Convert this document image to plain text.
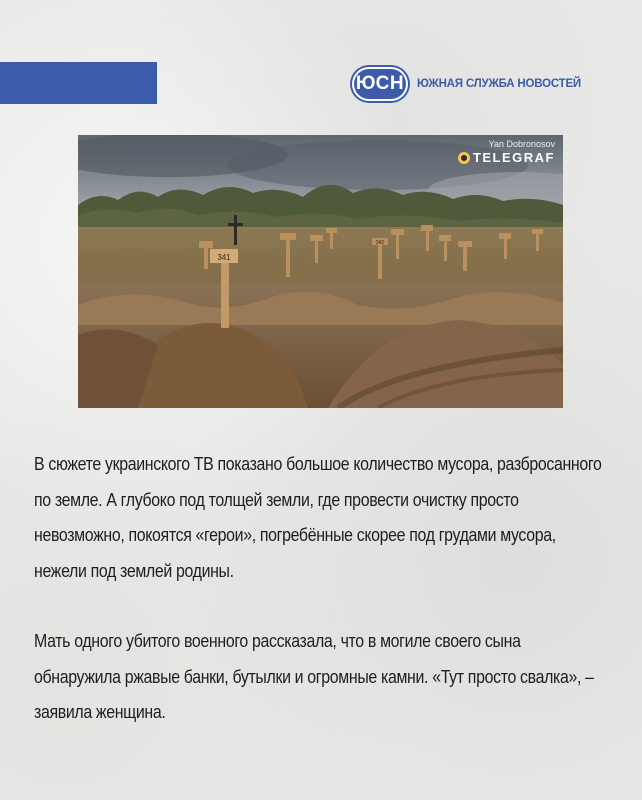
ЮСН	ЮЖНАЯ СЛУЖБА НОВОСТЕЙ
341
342
Yan Dobronosov
TELEGRAF

В сюжете украинского ТВ показано большое количество мусора, разбросанного по земле. А глубоко под толщей земли, где провести очистку просто невозможно, покоятся «герои», погребённые скорее под грудами мусора, нежели под землей родины.

Мать одного убитого военного рассказала, что в могиле своего сына обнаружила ржавые банки, бутылки и огромные камни. «Тут просто свалка», – заявила женщина.
